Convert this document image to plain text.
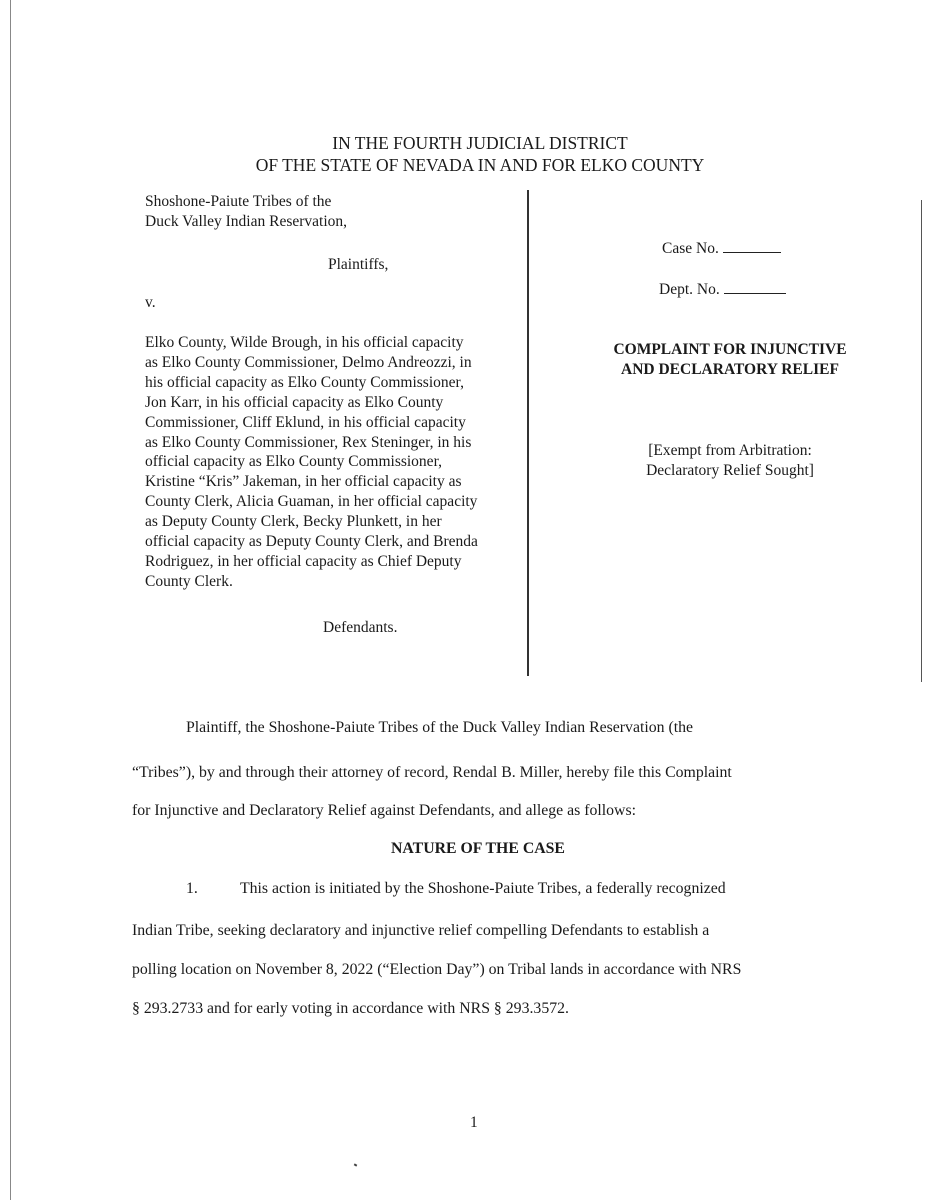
IN THE FOURTH JUDICIAL DISTRICT
OF THE STATE OF NEVADA IN AND FOR ELKO COUNTY
Shoshone-Paiute Tribes of the
Duck Valley Indian Reservation,
Plaintiffs,
v.
Elko County, Wilde Brough, in his official capacity
as Elko County Commissioner, Delmo Andreozzi, in
his official capacity as Elko County Commissioner,
Jon Karr, in his official capacity as Elko County
Commissioner, Cliff Eklund, in his official capacity
as Elko County Commissioner, Rex Steninger, in his
official capacity as Elko County Commissioner,
Kristine “Kris” Jakeman, in her official capacity as
County Clerk, Alicia Guaman, in her official capacity
as Deputy County Clerk, Becky Plunkett, in her
official capacity as Deputy County Clerk, and Brenda
Rodriguez, in her official capacity as Chief Deputy
County Clerk.
Defendants.
Case No.
Dept. No.
COMPLAINT FOR INJUNCTIVE
AND DECLARATORY RELIEF
[Exempt from Arbitration:
Declaratory Relief Sought]
Plaintiff, the Shoshone-Paiute Tribes of the Duck Valley Indian Reservation (the
“Tribes”), by and through their attorney of record, Rendal B. Miller, hereby file this Complaint
for Injunctive and Declaratory Relief against Defendants, and allege as follows:
NATURE OF THE CASE
1.	This action is initiated by the Shoshone-Paiute Tribes, a federally recognized
Indian Tribe, seeking declaratory and injunctive relief compelling Defendants to establish a
polling location on November 8, 2022 (“Election Day”) on Tribal lands in accordance with NRS
§ 293.2733 and for early voting in accordance with NRS § 293.3572.
1
